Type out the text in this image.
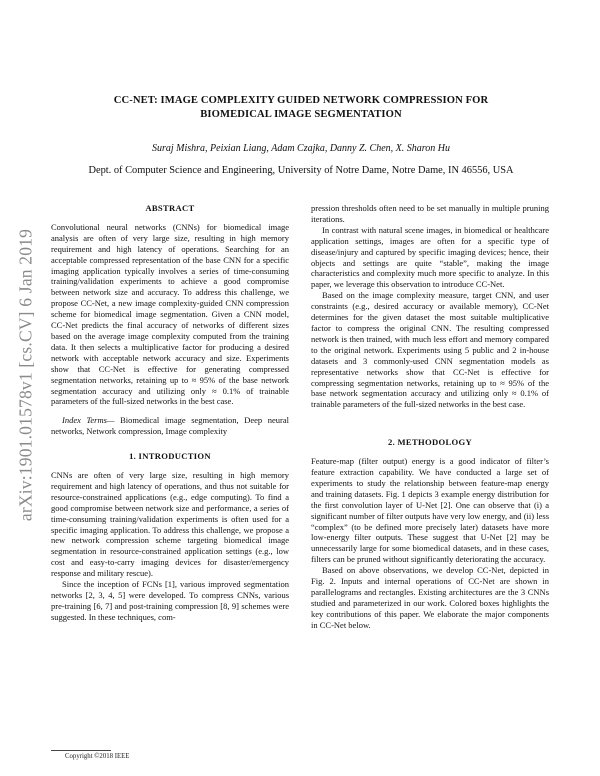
arXiv:1901.01578v1 [cs.CV] 6 Jan 2019
CC-NET: IMAGE COMPLEXITY GUIDED NETWORK COMPRESSION FOR BIOMEDICAL IMAGE SEGMENTATION
Suraj Mishra, Peixian Liang, Adam Czajka, Danny Z. Chen, X. Sharon Hu
Dept. of Computer Science and Engineering, University of Notre Dame, Notre Dame, IN 46556, USA
ABSTRACT

Convolutional neural networks (CNNs) for biomedical image analysis are often of very large size, resulting in high memory requirement and high latency of operations. Searching for an acceptable compressed representation of the base CNN for a specific imaging application typically involves a series of time-consuming training/validation experiments to achieve a good compromise between network size and accuracy. To address this challenge, we propose CC-Net, a new image complexity-guided CNN compression scheme for biomedical image segmentation. Given a CNN model, CC-Net predicts the final accuracy of networks of different sizes based on the average image complexity computed from the training data. It then selects a multiplicative factor for producing a desired network with acceptable network accuracy and size. Experiments show that CC-Net is effective for generating compressed segmentation networks, retaining up to ≈ 95% of the base network segmentation accuracy and utilizing only ≈ 0.1% of trainable parameters of the full-sized networks in the best case.

Index Terms— Biomedical image segmentation, Deep neural networks, Network compression, Image complexity

1. INTRODUCTION

CNNs are often of very large size, resulting in high memory requirement and high latency of operations, and thus not suitable for resource-constrained applications (e.g., edge computing). To find a good compromise between network size and performance, a series of time-consuming training/validation experiments is often used for a specific imaging application. To address this challenge, we propose a new network compression scheme targeting biomedical image segmentation in resource-constrained application settings (e.g., low cost and easy-to-carry imaging devices for disaster/emergency response and military rescue).

Since the inception of FCNs [1], various improved segmentation networks [2, 3, 4, 5] were developed. To compress CNNs, various pre-training [6, 7] and post-training compression [8, 9] schemes were suggested. In these techniques, com-

pression thresholds often need to be set manually in multiple pruning iterations.

In contrast with natural scene images, in biomedical or healthcare application settings, images are often for a specific type of disease/injury and captured by specific imaging devices; hence, their objects and settings are quite “stable”, making the image characteristics and complexity much more specific to analyze. In this paper, we leverage this observation to introduce CC-Net.

Based on the image complexity measure, target CNN, and user constraints (e.g., desired accuracy or available memory), CC-Net determines for the given dataset the most suitable multiplicative factor to compress the original CNN. The resulting compressed network is then trained, with much less effort and memory compared to the original network. Experiments using 5 public and 2 in-house datasets and 3 commonly-used CNN segmentation models as representative networks show that CC-Net is effective for compressing segmentation networks, retaining up to ≈ 95% of the base network segmentation accuracy and utilizing only ≈ 0.1% of trainable parameters of the full-sized networks in the best case.

2. METHODOLOGY

Feature-map (filter output) energy is a good indicator of filter’s feature extraction capability. We have conducted a large set of experiments to study the relationship between feature-map energy and training datasets. Fig. 1 depicts 3 example energy distribution for the first convolution layer of U-Net [2]. One can observe that (i) a significant number of filter outputs have very low energy, and (ii) less “complex” (to be defined more precisely later) datasets have more low-energy filter outputs. These suggest that U-Net [2] may be unnecessarily large for some biomedical datasets, and in these cases, filters can be pruned without significantly deteriorating the accuracy.

Based on above observations, we develop CC-Net, depicted in Fig. 2. Inputs and internal operations of CC-Net are shown in parallelograms and rectangles. Existing architectures are the 3 CNNs studied and parameterized in our work. Colored boxes highlights the key contributions of this paper. We elaborate the major components in CC-Net below.

Copyright ©2018 IEEE
